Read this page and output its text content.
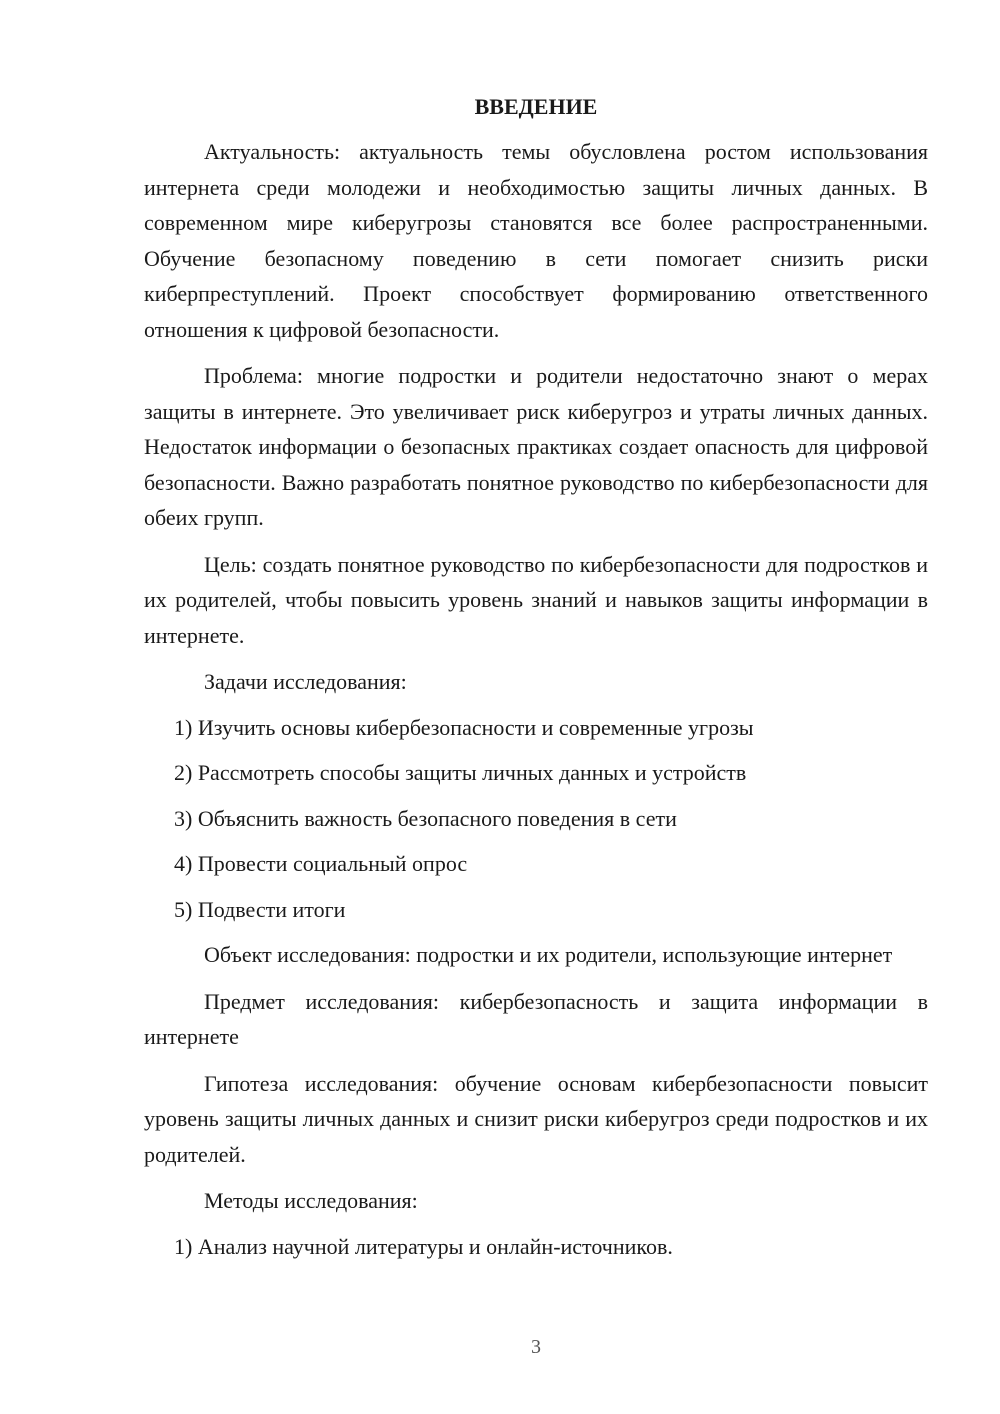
ВВЕДЕНИЕ

Актуальность: актуальность темы обусловлена ростом использования интернета среди молодежи и необходимостью защиты личных данных. В современном мире киберугрозы становятся все более распространенными. Обучение безопасному поведению в сети помогает снизить риски киберпреступлений. Проект способствует формированию ответственного отношения к цифровой безопасности.

Проблема: многие подростки и родители недостаточно знают о мерах защиты в интернете. Это увеличивает риск киберугроз и утраты личных данных. Недостаток информации о безопасных практиках создает опасность для цифровой безопасности. Важно разработать понятное руководство по кибербезопасности для обеих групп.

Цель: создать понятное руководство по кибербезопасности для подростков и их родителей, чтобы повысить уровень знаний и навыков защиты информации в интернете.

Задачи исследования:

1) Изучить основы кибербезопасности и современные угрозы
2) Рассмотреть способы защиты личных данных и устройств
3) Объяснить важность безопасного поведения в сети
4) Провести социальный опрос
5) Подвести итоги

Объект исследования: подростки и их родители, использующие интернет

Предмет исследования: кибербезопасность и защита информации в интернете

Гипотеза исследования: обучение основам кибербезопасности повысит уровень защиты личных данных и снизит риски киберугроз среди подростков и их родителей.

Методы исследования:

1) Анализ научной литературы и онлайн-источников.
3
